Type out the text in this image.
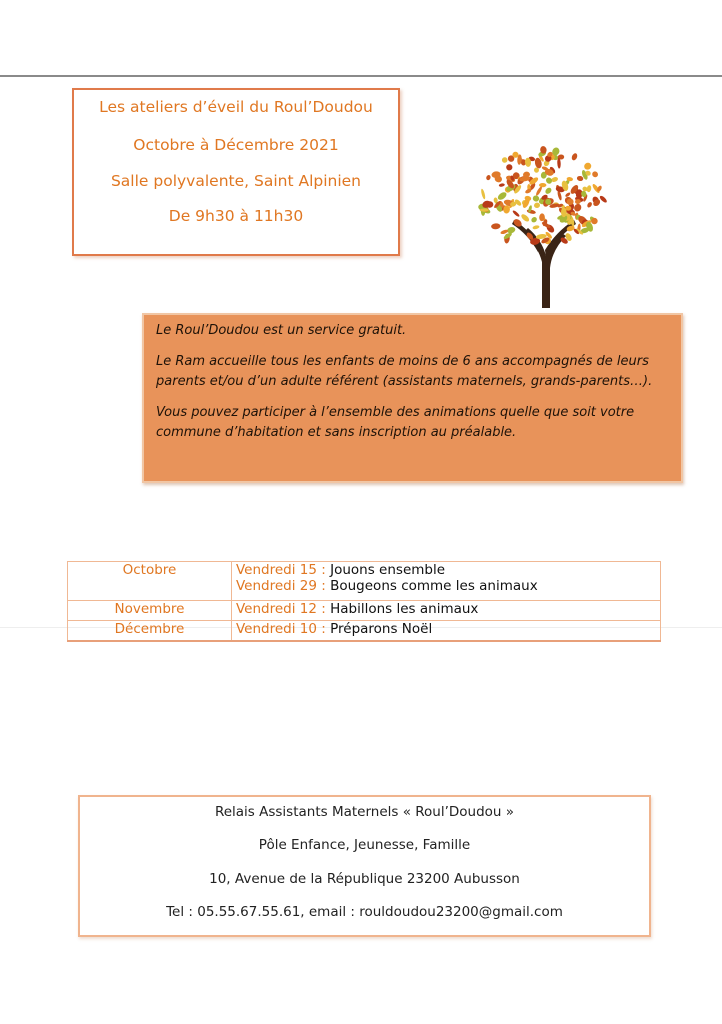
Les ateliers d’éveil du Roul’Doudou
Octobre à Décembre 2021
Salle polyvalente, Saint Alpinien
De 9h30 à 11h30

Le Roul’Doudou est un service gratuit.

Le Ram accueille tous les enfants de moins de 6 ans accompagnés de leurs parents et/ou d’un adulte référent (assistants maternels, grands-parents…).

Vous pouvez participer à l’ensemble des animations quelle que soit votre commune d’habitation et sans inscription au préalable.

Octobre	Vendredi 15 : Jouons ensemble
Vendredi 29 : Bougeons comme les animaux

Novembre	Vendredi 12 : Habillons les animaux

Décembre	Vendredi 10 : Préparons Noël
Relais Assistants Maternels « Roul’Doudou »
Pôle Enfance, Jeunesse, Famille
10, Avenue de la République 23200 Aubusson
Tel : 05.55.67.55.61, email : rouldoudou23200@gmail.com
